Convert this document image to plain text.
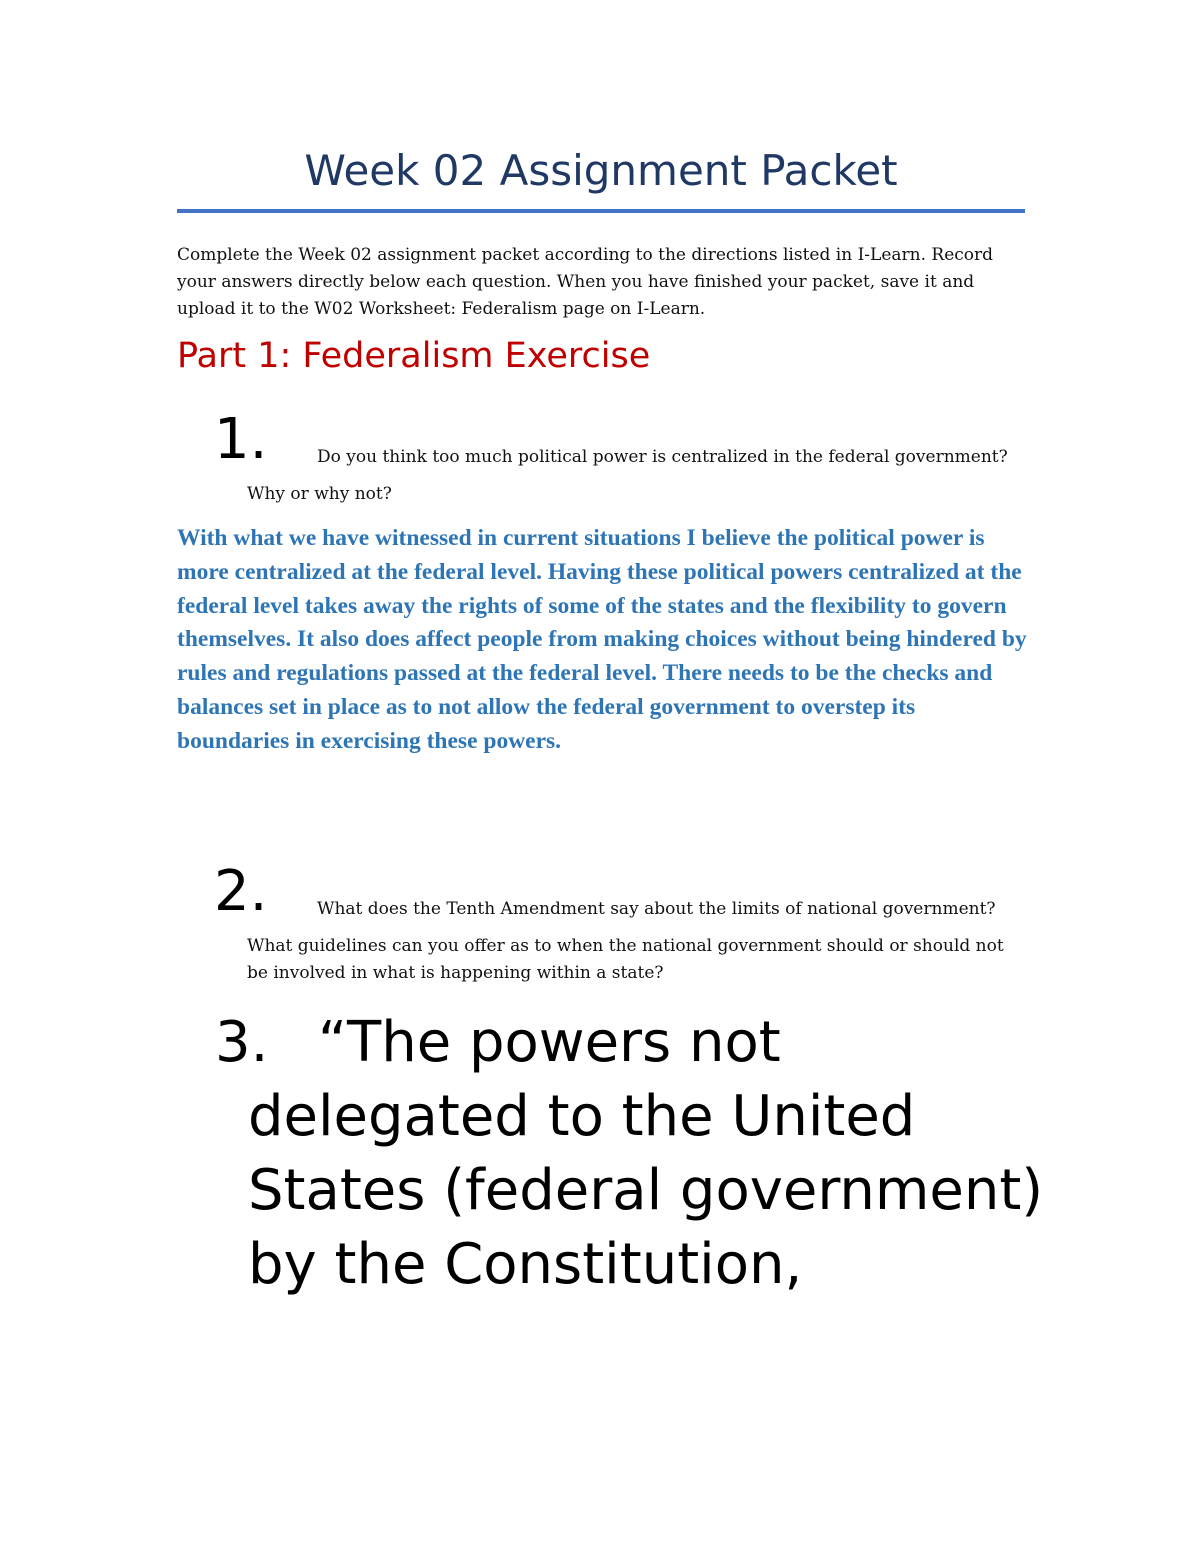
Week 02 Assignment Packet

Complete the Week 02 assignment packet according to the directions listed in I-Learn. Record your answers directly below each question. When you have finished your packet, save it and upload it to the W02 Worksheet: Federalism page on I-Learn.

Part 1: Federalism Exercise
1.	Do you think too much political power is centralized in the federal government?
Why or why not?

With what we have witnessed in current situations I believe the political power is more centralized at the federal level. Having these political powers centralized at the federal level takes away the rights of some of the states and the flexibility to govern themselves. It also does affect people from making choices without being hindered by rules and regulations passed at the federal level. There needs to be the checks and balances set in place as to not allow the federal government to overstep its boundaries in exercising these powers.

2.	What does the Tenth Amendment say about the limits of national government?
What guidelines can you offer as to when the national government should or should not be involved in what is happening within a state?
3. “The powers not delegated to the United States (federal government) by the Constitution,
